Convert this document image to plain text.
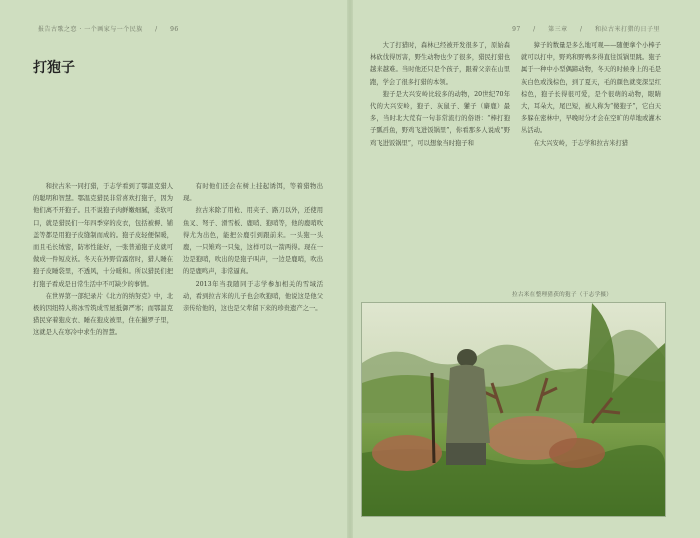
报告古歌之恋 · 一个画家与一个民族 / 96	97 / 第三章 / 和拉古米打猎的日子里
打狍子

和拉古米一同打猎，于志学看到了鄂温克猎人的聪明和智慧。鄂温克猎民非常喜欢打狍子，因为他们离不开狍子。且不说狍子肉鲜嫩细腻，柔软可口，就是猎民们一年四季穿的皮衣，包括被褥、铺盖等都是用狍子皮缝制而成的。狍子皮轻便保暖，而且毛长绒密，防寒性能好，一张普通狍子皮就可做成一件短皮袄。冬天在外野营露宿时，猎人睡在狍子皮睡袋里，不透风，十分暖和。所以猎民们把打狍子看成是日常生活中不可缺少的事情。

在世界第一部纪录片《北方的纳努克》中，北极的因纽特人将冰雪筑成雪屋抵御严寒；而鄂温克猎民穿着狍皮衣、睡在狍皮被里，住在撮罗子里，这就是人在寒冷中求生的智慧。

有时他们还会在树上挂起诱饵，等着猎物出现。

拉古米除了用枪、用夹子、路刀以外，还使用鱼叉、弩子、滑雪板、鹿哨、狍哨等，他的鹿哨吹得尤为出色，能把公鹿引到跟前来。一头狍一头鹿，一只雉鸡一只兔，这样可以一箭两得。现在一边是狍哨，吹出的是狍子叫声，一边是鹿哨，吹出的是鹿鸣声，非常逼真。

2013年当我随同于志学参加相关的雪域活动，看到拉古米的儿子也会吹狍哨，他说这是他父亲传给他的，这也是父辈留下来的珍贵遗产之一。

大了打猎时，森林已经被开发很多了，原始森林砍伐得厉害，野生动物也少了很多，猎民打猎也越来越难。当时他还只是个孩子，跟着父亲在山里跑，学会了很多打猎的本领。

狍子是大兴安岭比较多的动物，20世纪70年代的大兴安岭，狍子、灰鼠子、獾子（麝鹿）最多，当时北大荒有一句非常流行的俗语：“棒打狍子瓢舀鱼，野鸡飞进饭锅里”，你看那多人说成“野鸡飞进饭锅里”，可以想象当时狍子和

獐子的数量是多么地可观——随便拿个小棒子就可以打中，野鸡和野鸭多得直往饭锅里跳。狍子属于一种中小型偶蹄动物，冬天的时候身上的毛是灰白色或浅棕色，到了夏天，毛的颜色就变深呈红棕色，狍子长得很可爱，是个很萌的动物，眼睛大，耳朵大，尾巴短，被人称为“傻狍子”，它白天多躲在密林中，早晚时分才会在空旷的草地或灌木丛活动。

在大兴安岭，于志学和拉古米打猎

拉古米在整理猎获的狍子（于志学摄）
